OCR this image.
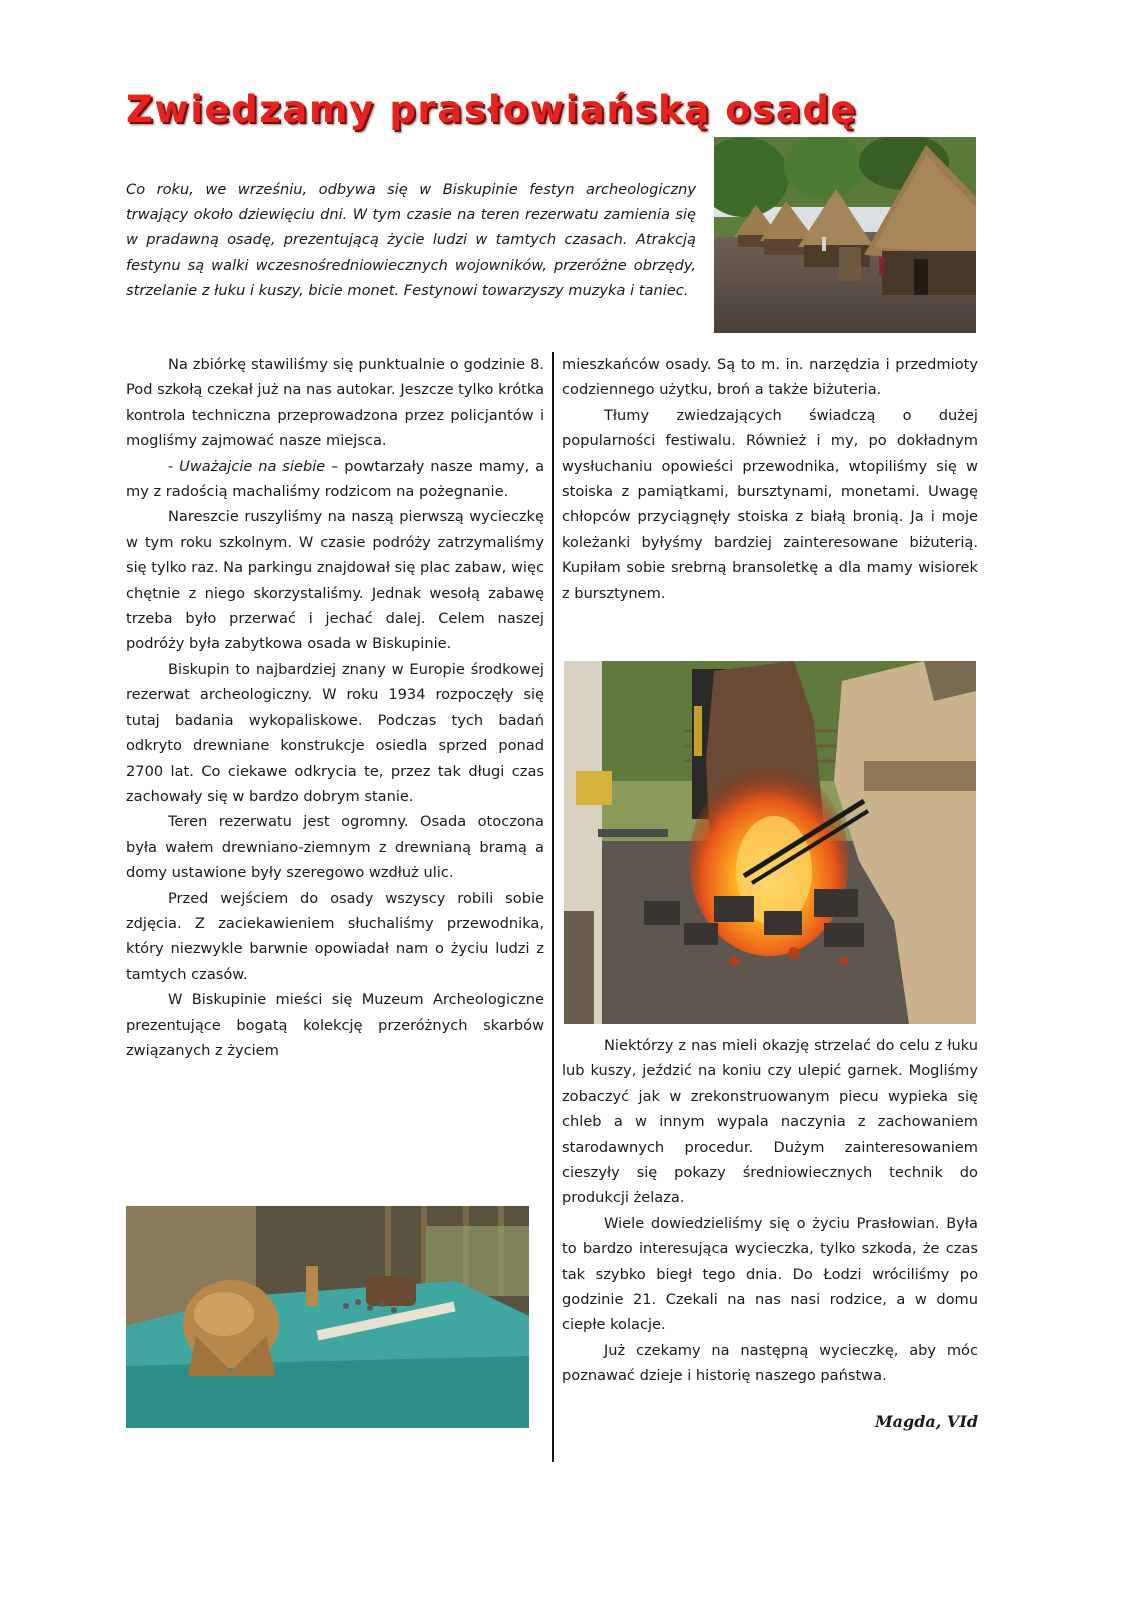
Zwiedzamy prasłowiańską osadę

Co roku, we wrześniu, odbywa się w Biskupinie festyn archeologiczny trwający około dziewięciu dni. W tym czasie na teren rezerwatu zamienia się w pradawną osadę, prezentującą życie ludzi w tamtych czasach. Atrakcją festynu są walki wczesnośredniowiecznych wojowników, przeróżne obrzędy, strzelanie z łuku i kuszy, bicie monet. Festynowi towarzyszy muzyka i taniec.

Na zbiórkę stawiliśmy się punktualnie o godzinie 8. Pod szkołą czekał już na nas autokar. Jeszcze tylko krótka kontrola techniczna przeprowadzona przez policjantów i mogliśmy zajmować nasze miejsca.

- Uważajcie na siebie – powtarzały nasze mamy, a my z radością machaliśmy rodzicom na pożegnanie.

Nareszcie ruszyliśmy na naszą pierwszą wycieczkę w tym roku szkolnym. W czasie podróży zatrzymaliśmy się tylko raz. Na parkingu znajdował się plac zabaw, więc chętnie z niego skorzystaliśmy. Jednak wesołą zabawę trzeba było przerwać i jechać dalej. Celem naszej podróży była zabytkowa osada w Biskupinie.

Biskupin to najbardziej znany w Europie środkowej rezerwat archeologiczny. W roku 1934 rozpoczęły się tutaj badania wykopaliskowe. Podczas tych badań odkryto drewniane konstrukcje osiedla sprzed ponad 2700 lat. Co ciekawe odkrycia te, przez tak długi czas zachowały się w bardzo dobrym stanie.

Teren rezerwatu jest ogromny. Osada otoczona była wałem drewniano-ziemnym z drewnianą bramą a domy ustawione były szeregowo wzdłuż ulic.

Przed wejściem do osady wszyscy robili sobie zdjęcia. Z zaciekawieniem słuchaliśmy przewodnika, który niezwykle barwnie opowiadał nam o życiu ludzi z tamtych czasów.

W Biskupinie mieści się Muzeum Archeologiczne prezentujące bogatą kolekcję przeróżnych skarbów związanych z życiem

mieszkańców osady. Są to m. in. narzędzia i przedmioty codziennego użytku, broń a także biżuteria.

Tłumy zwiedzających świadczą o dużej popularności festiwalu. Również i my, po dokładnym wysłuchaniu opowieści przewodnika, wtopiliśmy się w stoiska z pamiątkami, bursztynami, monetami. Uwagę chłopców przyciągnęły stoiska z białą bronią. Ja i moje koleżanki byłyśmy bardziej zainteresowane biżuterią. Kupiłam sobie srebrną bransoletkę a dla mamy wisiorek z bursztynem.

Niektórzy z nas mieli okazję strzelać do celu z łuku lub kuszy, jeździć na koniu czy ulepić garnek. Mogliśmy zobaczyć jak w zrekonstruowanym piecu wypieka się chleb a w innym wypala naczynia z zachowaniem starodawnych procedur. Dużym zainteresowaniem cieszyły się pokazy średniowiecznych technik do produkcji żelaza.

Wiele dowiedzieliśmy się o życiu Prasłowian. Była to bardzo interesująca wycieczka, tylko szkoda, że czas tak szybko biegł tego dnia. Do Łodzi wróciliśmy po godzinie 21. Czekali na nas nasi rodzice, a w domu ciepłe kolacje.

Już czekamy na następną wycieczkę, aby móc poznawać dzieje i historię naszego państwa.

Magda, VId
